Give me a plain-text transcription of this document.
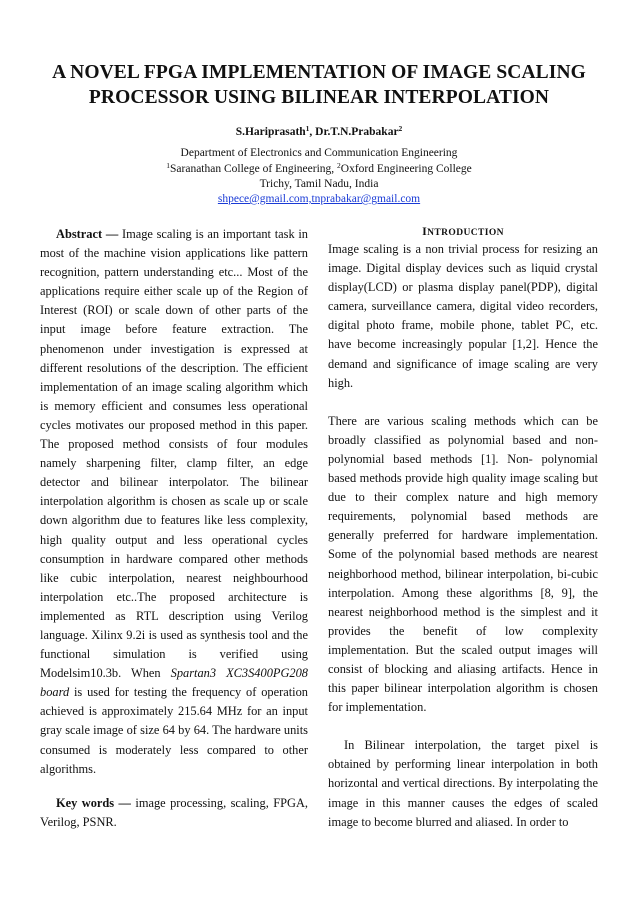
A NOVEL FPGA IMPLEMENTATION OF IMAGE SCALING
PROCESSOR USING BILINEAR INTERPOLATION
S.Hariprasath$^1$, Dr.T.N.Prabakar$^2$
Department of Electronics and Communication Engineering
$^1$Saranathan College of Engineering, $^2$Oxford Engineering College
Trichy, Tamil Nadu, India
shpece@gmail.com,tnprabakar@gmail.com

Abstract — Image scaling is an important task in most of the machine vision applications like pattern recognition, pattern understanding etc... Most of the applications require either scale up of the Region of Interest (ROI) or scale down of other parts of the input image before feature extraction. The phenomenon under investigation is expressed at different resolutions of the description. The efficient implementation of an image scaling algorithm which is memory efficient and consumes less operational cycles motivates our proposed method in this paper. The proposed method consists of four modules namely sharpening filter, clamp filter, an edge detector and bilinear interpolator. The bilinear interpolation algorithm is chosen as scale up or scale down algorithm due to features like less complexity, high quality output and less operational cycles consumption in hardware compared other methods like cubic interpolation, nearest neighbourhood interpolation etc..The proposed architecture is implemented as RTL description using Verilog language. Xilinx 9.2i is used as synthesis tool and the functional simulation is verified using Modelsim10.3b. When Spartan3 XC3S400PG208 board is used for testing the frequency of operation achieved is approximately 215.64 MHz for an input gray scale image of size 64 by 64. The hardware units consumed is moderately less compared to other algorithms.

Key words — image processing, scaling, FPGA, Verilog, PSNR.

INTRODUCTION

Image scaling is a non trivial process for resizing an image. Digital display devices such as liquid crystal display(LCD) or plasma display panel(PDP), digital camera, surveillance camera, digital video recorders, digital photo frame, mobile phone, tablet PC, etc. have become increasingly popular [1,2]. Hence the demand and significance of image scaling are very high.

There are various scaling methods which can be broadly classified as polynomial based and non-polynomial based methods [1]. Non- polynomial based methods provide high quality image scaling but due to their complex nature and high memory requirements, polynomial based methods are generally preferred for hardware implementation. Some of the polynomial based methods are nearest neighborhood method, bilinear interpolation, bi-cubic interpolation. Among these algorithms [8, 9], the nearest neighborhood method is the simplest and it provides the benefit of low complexity implementation. But the scaled output images will consist of blocking and aliasing artifacts. Hence in this paper bilinear interpolation algorithm is chosen for implementation.

In Bilinear interpolation, the target pixel is obtained by performing linear interpolation in both horizontal and vertical directions. By interpolating the image in this manner causes the edges of scaled image to become blurred and aliased. In order to
